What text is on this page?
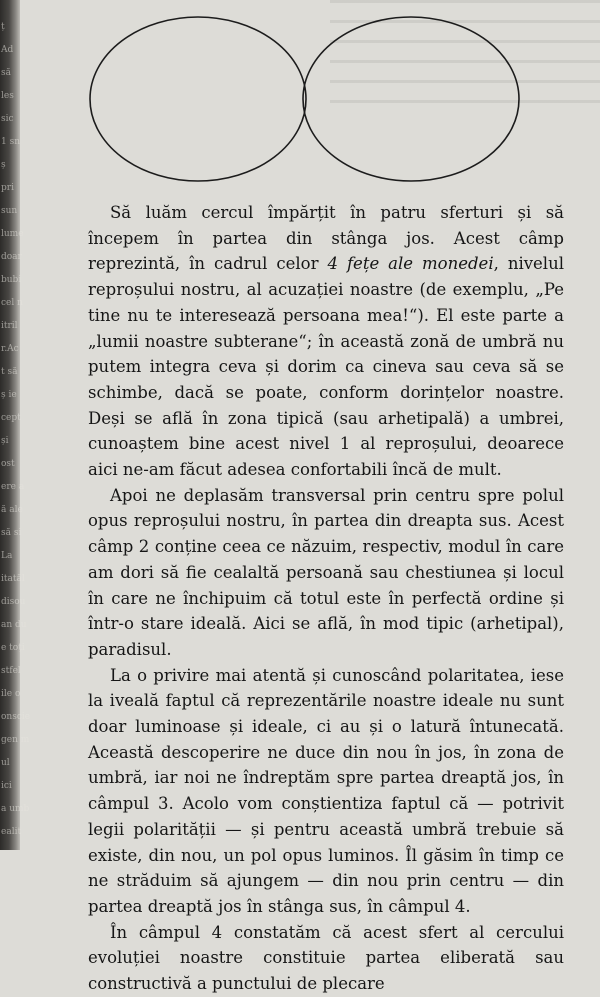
ț
Ad
să
les
sic
1 sn
ș
pri
sun
lume
doar
bubi
cel n
itril
r.Ac
t să
ș ie
cept
și
ost
ere a
ă ale
să si
La
itatăl
disou
an du
e toți
stfel
ile o
onscie
gen m
ul
ici
a umb
ealit

Să luăm cercul împărțit în patru sferturi și să începem în partea din stânga jos. Acest câmp reprezintă, în cadrul celor 4 fețe ale monedei, nivelul reproșului nostru, al acuzației noastre (de exemplu, „Pe tine nu te interesează persoana mea!“). El este parte a „lumii noastre subterane“; în această zonă de umbră nu putem integra ceva și dorim ca cineva sau ceva să se schimbe, dacă se poate, conform dorințelor noastre. Deși se află în zona tipică (sau arhetipală) a umbrei, cunoaștem bine acest nivel 1 al reproșului, deoarece aici ne-am făcut adesea confortabili încă de mult.

Apoi ne deplasăm transversal prin centru spre polul opus reproșului nostru, în partea din dreapta sus. Acest câmp 2 conține ceea ce năzuim, respectiv, modul în care am dori să fie cealaltă persoană sau chestiunea și locul în care ne închipuim că totul este în perfectă ordine și într-o stare ideală. Aici se află, în mod tipic (arhetipal), paradisul.

La o privire mai atentă și cunoscând polaritatea, iese la iveală faptul că reprezentările noastre ideale nu sunt doar luminoase și ideale, ci au și o latură întunecată. Această descoperire ne duce din nou în jos, în zona de umbră, iar noi ne îndreptăm spre partea dreaptă jos, în câmpul 3. Acolo vom conștientiza faptul că — potrivit legii polarității — și pentru această umbră trebuie să existe, din nou, un pol opus luminos. Îl găsim în timp ce ne străduim să ajungem — din nou prin centru — din partea dreaptă jos în stânga sus, în câmpul 4.

În câmpul 4 constatăm că acest sfert al cercului evoluției noastre constituie partea eliberată sau constructivă a punctului de plecare
